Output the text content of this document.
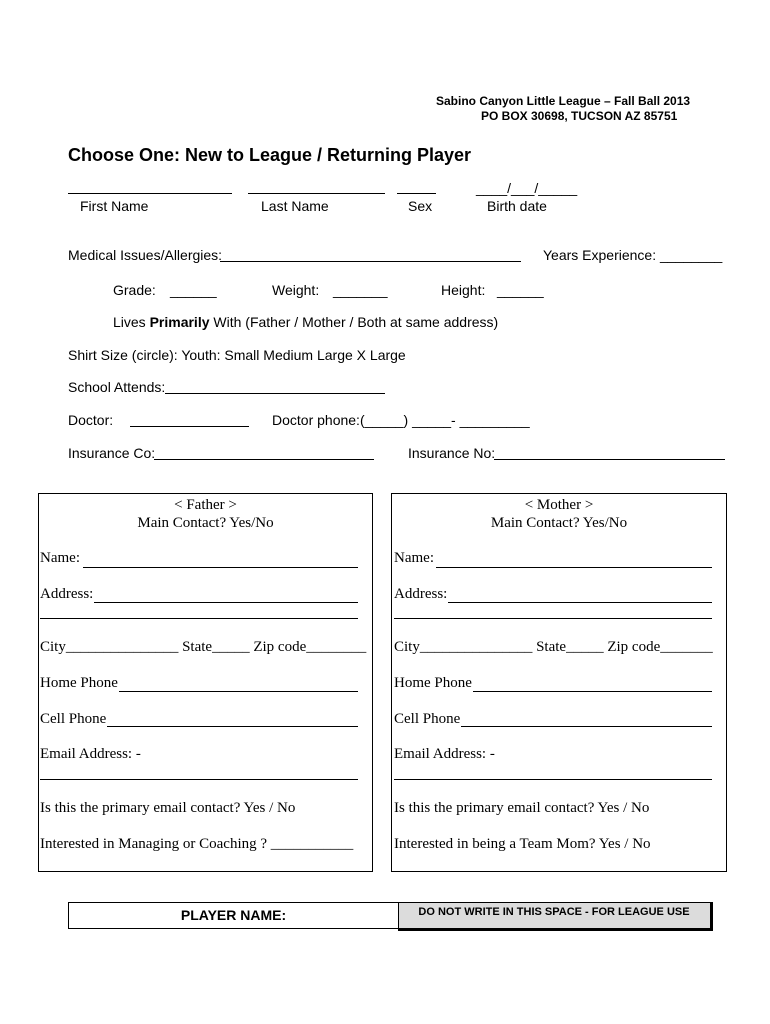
Sabino Canyon Little League – Fall Ball 2013
PO BOX 30698, TUCSON AZ 85751
Choose One: New to League / Returning Player
____/___/_____
First Name	Last Name	Sex	Birth date
Medical Issues/Allergies:	Years Experience: ________
Grade: ______	Weight: _______	Height: ______
Lives Primarily With (Father / Mother / Both at same address)
Shirt Size (circle): Youth: Small Medium Large X Large
School Attends:
Doctor:	Doctor phone:(_____) _____- _________
Insurance Co:	Insurance No:
< Father >
Main Contact? Yes/No
Name:
Address:
City_______________ State_____ Zip code________
Home Phone
Cell Phone
Email Address: -
Is this the primary email contact? Yes / No
Interested in Managing or Coaching ? ___________
< Mother >
Main Contact? Yes/No
Name:
Address:
City_______________ State_____ Zip code_______
Home Phone
Cell Phone
Email Address: -
Is this the primary email contact? Yes / No
Interested in being a Team Mom? Yes / No
PLAYER NAME:	DO NOT WRITE IN THIS SPACE - FOR LEAGUE USE
